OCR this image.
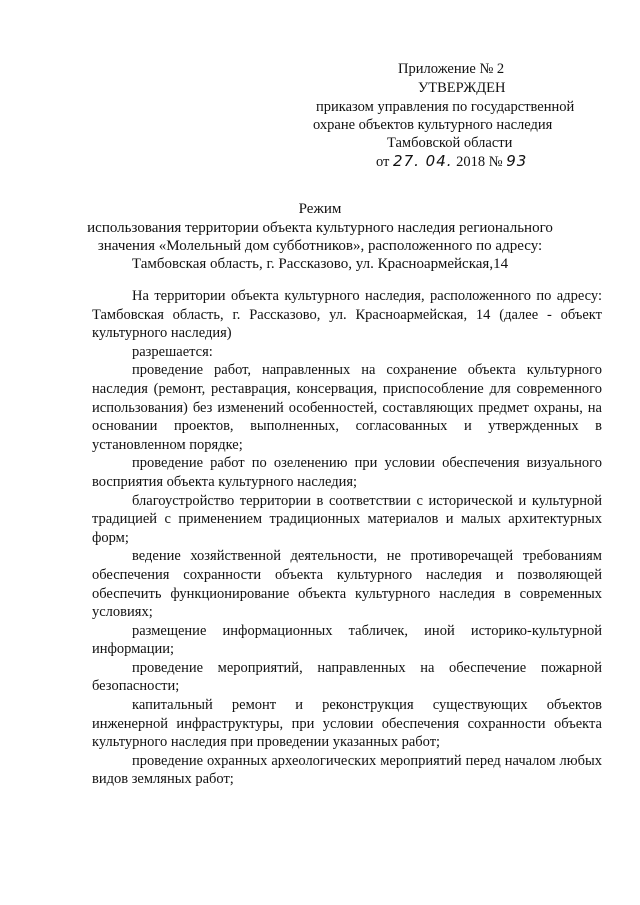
Приложение № 2
УТВЕРЖДЕН
приказом управления по государственной
охране объектов культурного наследия
Тамбовской области
от 27. 04. 2018 № 93
Режим
использования территории объекта культурного наследия регионального
значения «Молельный дом субботников», расположенного по адресу:
Тамбовская область, г. Рассказово, ул. Красноармейская,14

На территории объекта культурного наследия, расположенного по адресу: Тамбовская область, г. Рассказово, ул. Красноармейская, 14 (далее - объект культурного наследия)

разрешается:

проведение работ, направленных на сохранение объекта культурного наследия (ремонт, реставрация, консервация, приспособление для современного использования) без изменений особенностей, составляющих предмет охраны, на основании проектов, выполненных, согласованных и утвержденных в установленном порядке;

проведение работ по озеленению при условии обеспечения визуального восприятия объекта культурного наследия;

благоустройство территории в соответствии с исторической и культурной традицией с применением традиционных материалов и малых архитектурных форм;

ведение хозяйственной деятельности, не противоречащей требованиям обеспечения сохранности объекта культурного наследия и позволяющей обеспечить функционирование объекта культурного наследия в современных условиях;

размещение информационных табличек, иной историко-культурной информации;

проведение мероприятий, направленных на обеспечение пожарной безопасности;

капитальный ремонт и реконструкция существующих объектов инженерной инфраструктуры, при условии обеспечения сохранности объекта культурного наследия при проведении указанных работ;

проведение охранных археологических мероприятий перед началом любых видов земляных работ;
